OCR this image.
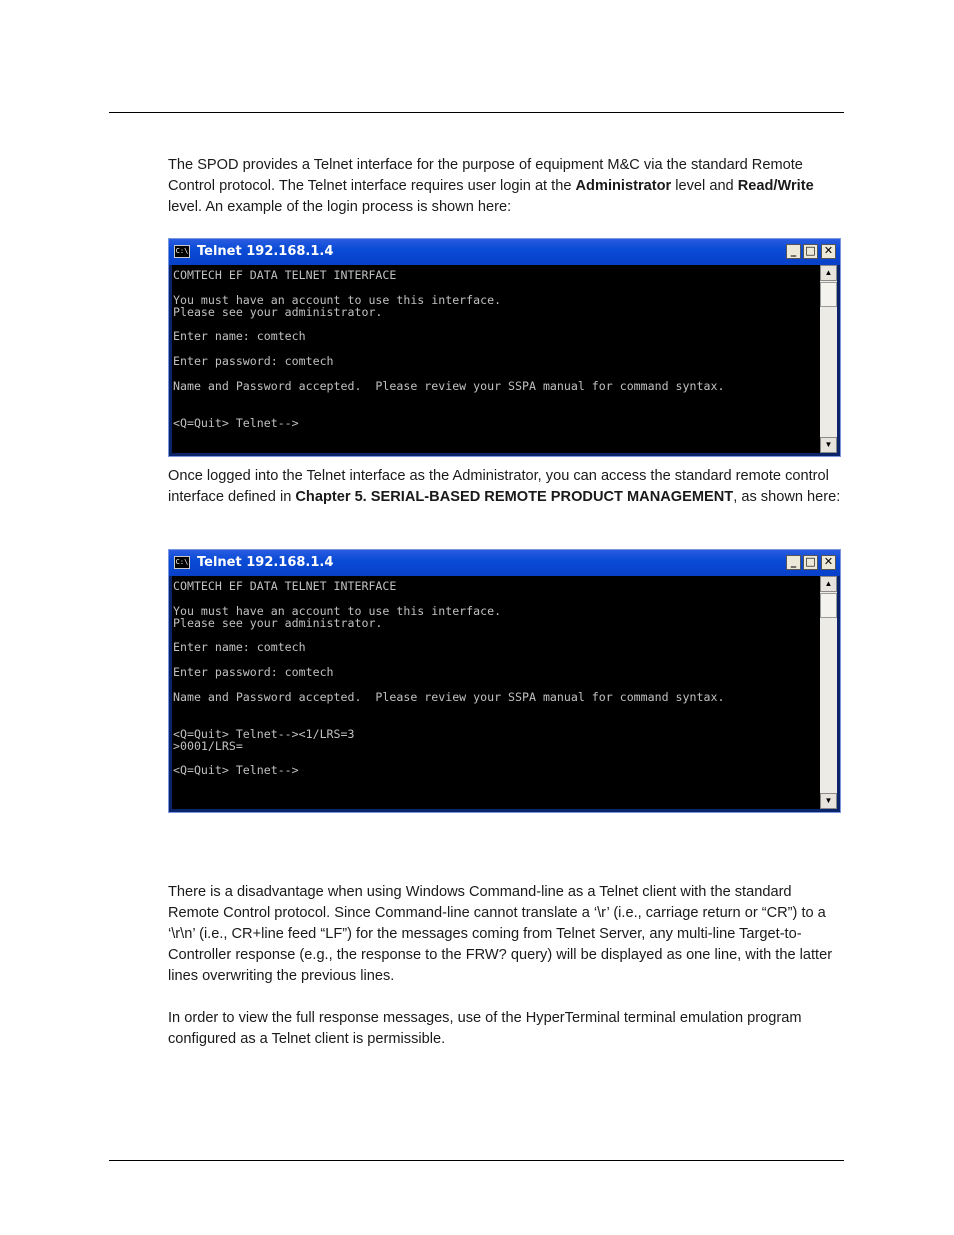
The SPOD provides a Telnet interface for the purpose of equipment M&C via the standard Remote Control protocol. The Telnet interface requires user login at the Administrator level and Read/Write level. An example of the login process is shown here:

C:\ Telnet 192.168.1.4	_ □ ✕
COMTECH EF DATA TELNET INTERFACE

You must have an account to use this interface.
Please see your administrator.

Enter name: comtech

Enter password: comtech

Name and Password accepted.  Please review your SSPA manual for command syntax.

<Q=Quit> Telnet-->
▲
▼

Once logged into the Telnet interface as the Administrator, you can access the standard remote control interface defined in Chapter 5. SERIAL-BASED REMOTE PRODUCT MANAGEMENT, as shown here:

C:\ Telnet 192.168.1.4	_ □ ✕
COMTECH EF DATA TELNET INTERFACE

You must have an account to use this interface.
Please see your administrator.

Enter name: comtech

Enter password: comtech

Name and Password accepted.  Please review your SSPA manual for command syntax.

<Q=Quit> Telnet--><1/LRS=3
>0001/LRS=

<Q=Quit> Telnet-->
▲
▼

There is a disadvantage when using Windows Command-line as a Telnet client with the standard Remote Control protocol. Since Command-line cannot translate a ‘\r’ (i.e., carriage return or “CR”) to a ‘\r\n’ (i.e., CR+line feed “LF”) for the messages coming from Telnet Server, any multi-line Target-to-Controller response (e.g., the response to the FRW? query) will be displayed as one line, with the latter lines overwriting the previous lines.

In order to view the full response messages, use of the HyperTerminal terminal emulation program configured as a Telnet client is permissible.
